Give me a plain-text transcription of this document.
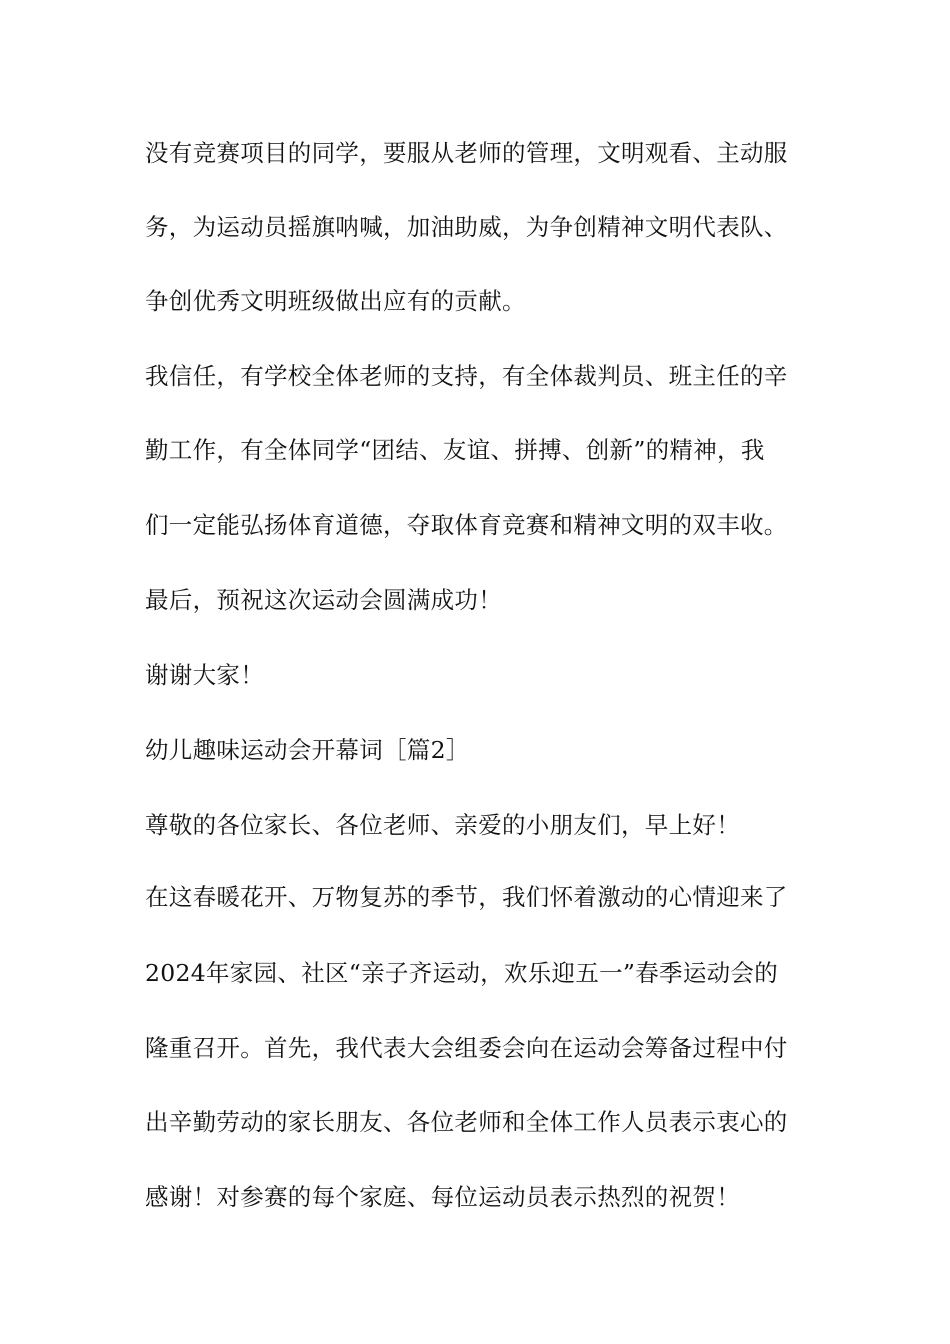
没有竞赛项目的同学，要服从老师的管理，文明观看、主动服
务，为运动员摇旗呐喊，加油助威，为争创精神文明代表队、
争创优秀文明班级做出应有的贡献。
我信任，有学校全体老师的支持，有全体裁判员、班主任的辛
勤工作，有全体同学“团结、友谊、拼搏、创新”的精神，我
们一定能弘扬体育道德，夺取体育竞赛和精神文明的双丰收。
最后，预祝这次运动会圆满成功！
谢谢大家！
幼儿趣味运动会开幕词［篇2］
尊敬的各位家长、各位老师、亲爱的小朋友们，早上好！
在这春暖花开、万物复苏的季节，我们怀着激动的心情迎来了
2024年家园、社区“亲子齐运动，欢乐迎五一”春季运动会的
隆重召开。首先，我代表大会组委会向在运动会筹备过程中付
出辛勤劳动的家长朋友、各位老师和全体工作人员表示衷心的
感谢！对参赛的每个家庭、每位运动员表示热烈的祝贺！
